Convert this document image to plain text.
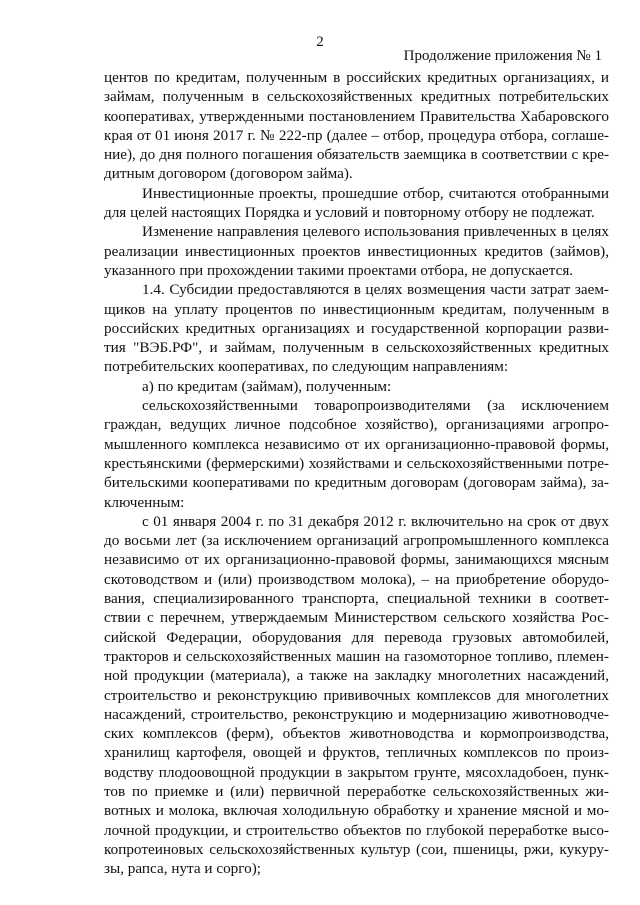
2
Продолжение приложения № 1
центов по кредитам, полученным в российских кредитных организациях, и
займам, полученным в сельскохозяйственных кредитных потребительских
кооперативах, утвержденными постановлением Правительства Хабаровского
края от 01 июня 2017 г. № 222-пр (далее – отбор, процедура отбора, соглаше-
ние), до дня полного погашения обязательств заемщика в соответствии с кре-
дитным договором (договором займа).
Инвестиционные проекты, прошедшие отбор, считаются отобранными
для целей настоящих Порядка и условий и повторному отбору не подлежат.
Изменение направления целевого использования привлеченных в целях
реализации инвестиционных проектов инвестиционных кредитов (займов),
указанного при прохождении такими проектами отбора, не допускается.
1.4. Субсидии предоставляются в целях возмещения части затрат заем-
щиков на уплату процентов по инвестиционным кредитам, полученным в
российских кредитных организациях и государственной корпорации разви-
тия "ВЭБ.РФ", и займам, полученным в сельскохозяйственных кредитных
потребительских кооперативах, по следующим направлениям:
а) по кредитам (займам), полученным:
сельскохозяйственными товаропроизводителями (за исключением
граждан, ведущих личное подсобное хозяйство), организациями агропро-
мышленного комплекса независимо от их организационно-правовой формы,
крестьянскими (фермерскими) хозяйствами и сельскохозяйственными потре-
бительскими кооперативами по кредитным договорам (договорам займа), за-
ключенным:
с 01 января 2004 г. по 31 декабря 2012 г. включительно на срок от двух
до восьми лет (за исключением организаций агропромышленного комплекса
независимо от их организационно-правовой формы, занимающихся мясным
скотоводством и (или) производством молока), – на приобретение оборудо-
вания, специализированного транспорта, специальной техники в соответ-
ствии с перечнем, утверждаемым Министерством сельского хозяйства Рос-
сийской Федерации, оборудования для перевода грузовых автомобилей,
тракторов и сельскохозяйственных машин на газомоторное топливо, племен-
ной продукции (материала), а также на закладку многолетних насаждений,
строительство и реконструкцию прививочных комплексов для многолетних
насаждений, строительство, реконструкцию и модернизацию животноводче-
ских комплексов (ферм), объектов животноводства и кормопроизводства,
хранилищ картофеля, овощей и фруктов, тепличных комплексов по произ-
водству плодоовощной продукции в закрытом грунте, мясохладобоен, пунк-
тов по приемке и (или) первичной переработке сельскохозяйственных жи-
вотных и молока, включая холодильную обработку и хранение мясной и мо-
лочной продукции, и строительство объектов по глубокой переработке высо-
копротеиновых сельскохозяйственных культур (сои, пшеницы, ржи, кукуру-
зы, рапса, нута и сорго);
